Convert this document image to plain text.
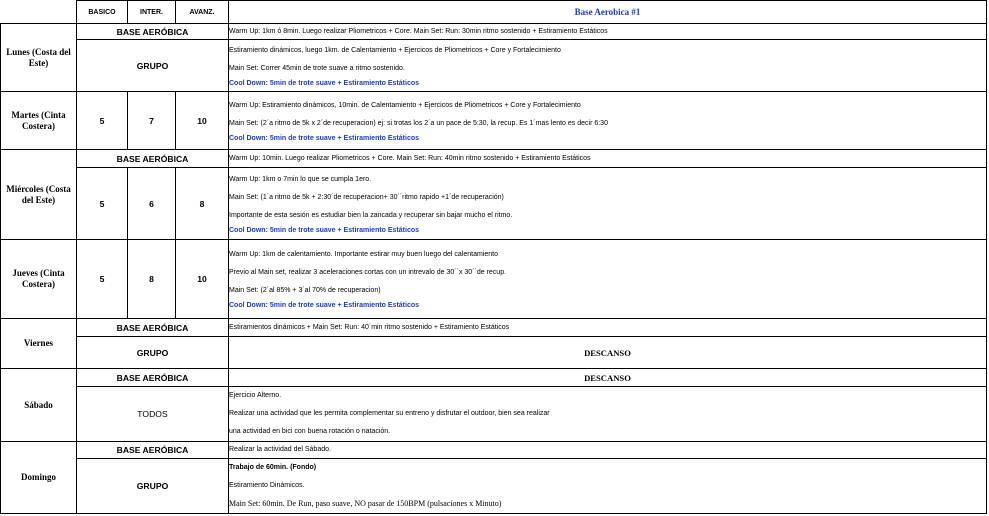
	BASICO	INTER.	AVANZ.	Base Aerobica #1
Lunes (Costa del Este)	BASE AERÓBICA			Warm Up: 1km ó 8min. Luego realizar Pliometricos + Core. Main Set: Run: 30min ritmo sostenido + Estiramiento Estáticos

	GRUPO			Estiramiento dinámicos, luego 1km. de Calentamiento + Ejercicos de Pliometricos + Core y Fortalecimiento
Main Set: Correr 45min de trote suave a ritmo sostenido.
Cool Down: 5min de trote suave + Estiramiento Estáticos

Martes (Cinta Costera)	5	7	10	Warm Up: Estiramiento dinámicos, 10min. de Calentamiento + Ejercicos de Pliometricos + Core y Fortalecimiento
Main Set: (2´a ritmo de 5k x 2´de recuperacion) ej: si trotas los 2´a un pace de 5:30, la recup. Es 1´mas lento es decir 6:30
Cool Down: 5min de trote suave + Estiramiento Estáticos

Miércoles (Costa del Este)	BASE AERÓBICA			Warm Up: 10min. Luego realizar Pliometricos + Core. Main Set: Run: 40min ritmo sostenido + Estiramiento Estáticos

	5	6	8	Warm Up: 1km o 7min lo que se cumpla 1ero.
Main Set: (1´a ritmo de 5k + 2:30´de recuperacion+ 30´´ritmo rapido +1´de recuperación)
Importante de esta sesión es estudiar bien la zancada y recuperar sin bajar mucho el ritmo.
Cool Down: 5min de trote suave + Estiramiento Estáticos

Jueves (Cinta Costera)	5	8	10	Warm Up: 1km de calentamiento. Importante estirar muy buen luego del calentamiento
Previo al Main set, realizar 3 aceleraciones cortas con un intrevalo de 30´´x 30´´de recup.
Main Set: (2´al 85% + 3´al 70% de recuperacion)
Cool Down: 5min de trote suave + Estiramiento Estáticos

Viernes	BASE AERÓBICA			Estiramientos dinámicos + Main Set: Run: 40´min ritmo sostenido + Estiramiento Estáticos

	GRUPO			DESCANSO
Sábado	BASE AERÓBICA			DESCANSO
	TODOS			Ejercicio Alterno.
Realizar una actividad que les permita complementar su entreno y disfrutar el outdoor, bien sea realizar
una actividad en bici con buena rotación o natación.

Domingo	BASE AERÓBICA			Realizar la actividad del Sábado.

	GRUPO			Trabajo de 60min. (Fondo)
Estiramiento Dinámicos.
Main Set: 60min. De Run, paso suave, NO pasar de 150BPM (pulsaciones x Minuto)
